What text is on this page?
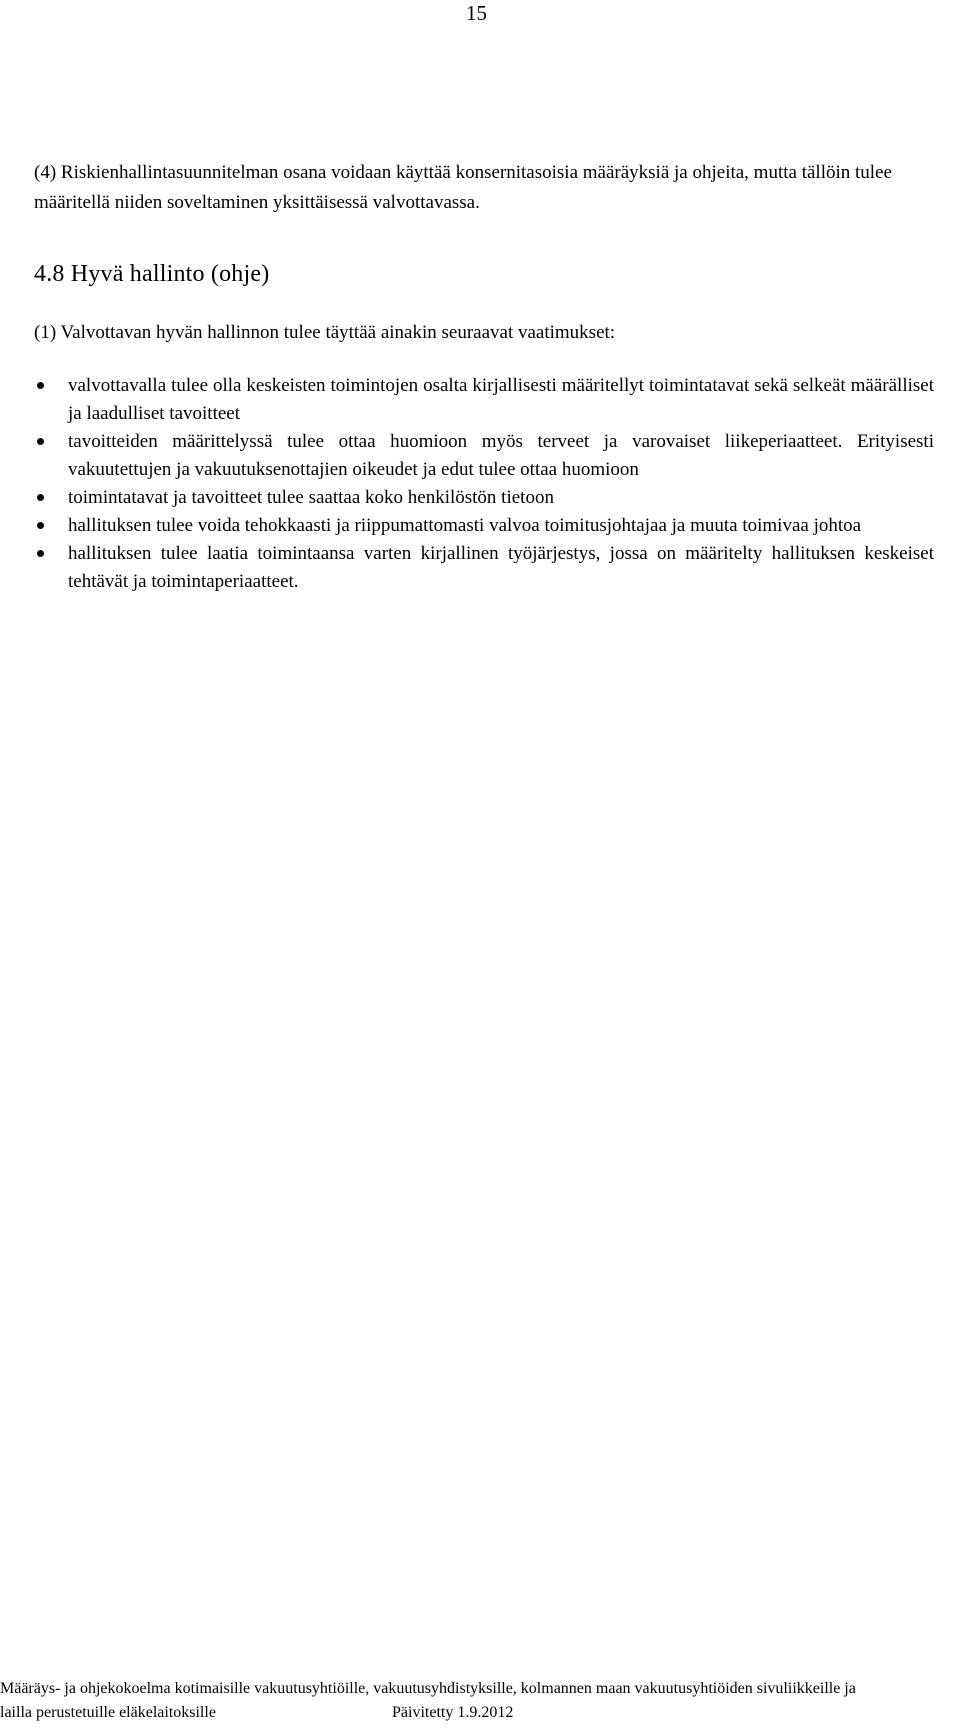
15

(4) Riskienhallintasuunnitelman osana voidaan käyttää konsernitasoisia määräyksiä ja ohjeita, mutta tällöin tulee määritellä niiden soveltaminen yksittäisessä valvottavassa.

4.8 Hyvä hallinto (ohje)

(1) Valvottavan hyvän hallinnon tulee täyttää ainakin seuraavat vaatimukset:

valvottavalla tulee olla keskeisten toimintojen osalta kirjallisesti määritellyt toimintatavat sekä selkeät määrälliset ja laadulliset tavoitteet
tavoitteiden määrittelyssä tulee ottaa huomioon myös terveet ja varovaiset liikeperiaatteet. Erityisesti vakuutettujen ja vakuutuksenottajien oikeudet ja edut tulee ottaa huomioon
toimintatavat ja tavoitteet tulee saattaa koko henkilöstön tietoon
hallituksen tulee voida tehokkaasti ja riippumattomasti valvoa toimitusjohtajaa ja muuta toimivaa johtoa
hallituksen tulee laatia toimintaansa varten kirjallinen työjärjestys, jossa on määritelty hallituksen keskeiset tehtävät ja toimintaperiaatteet.
Määräys- ja ohjekokoelma kotimaisille vakuutusyhtiöille, vakuutusyhdistyksille, kolmannen maan vakuutusyhtiöiden sivuliikkeille ja
lailla perustetuille eläkelaitoksille	Päivitetty 1.9.2012
